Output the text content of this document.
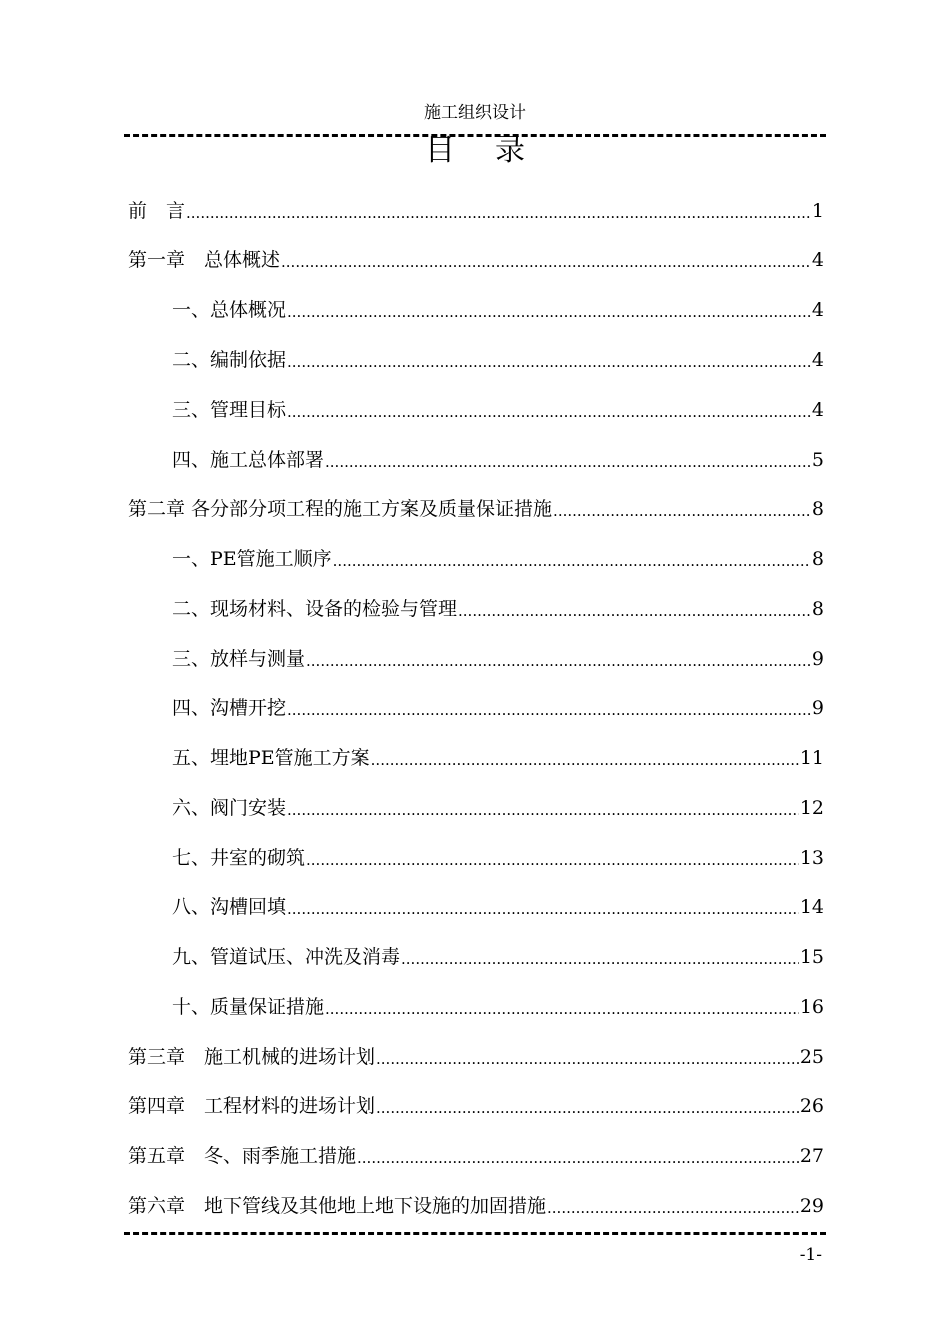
施工组织设计
目录
前　言 .....	1
第一章　总体概述 .....	4
一、总体概况 .....	4
二、编制依据 .....	4
三、管理目标 .....	4
四、施工总体部署 .....	5
第二章 各分部分项工程的施工方案及质量保证措施 .....	8
一、PE管施工顺序 .....	8
二、现场材料、设备的检验与管理 .....	8
三、放样与测量 .....	9
四、沟槽开挖 .....	9
五、埋地PE管施工方案 .....	11
六、阀门安装 .....	12
七、井室的砌筑 .....	13
八、沟槽回填 .....	14
九、管道试压、冲洗及消毒 .....	15
十、质量保证措施 .....	16
第三章　施工机械的进场计划 .....	25
第四章　工程材料的进场计划 .....	26
第五章　冬、雨季施工措施 .....	27
第六章　地下管线及其他地上地下设施的加固措施 .....	29
-1-
